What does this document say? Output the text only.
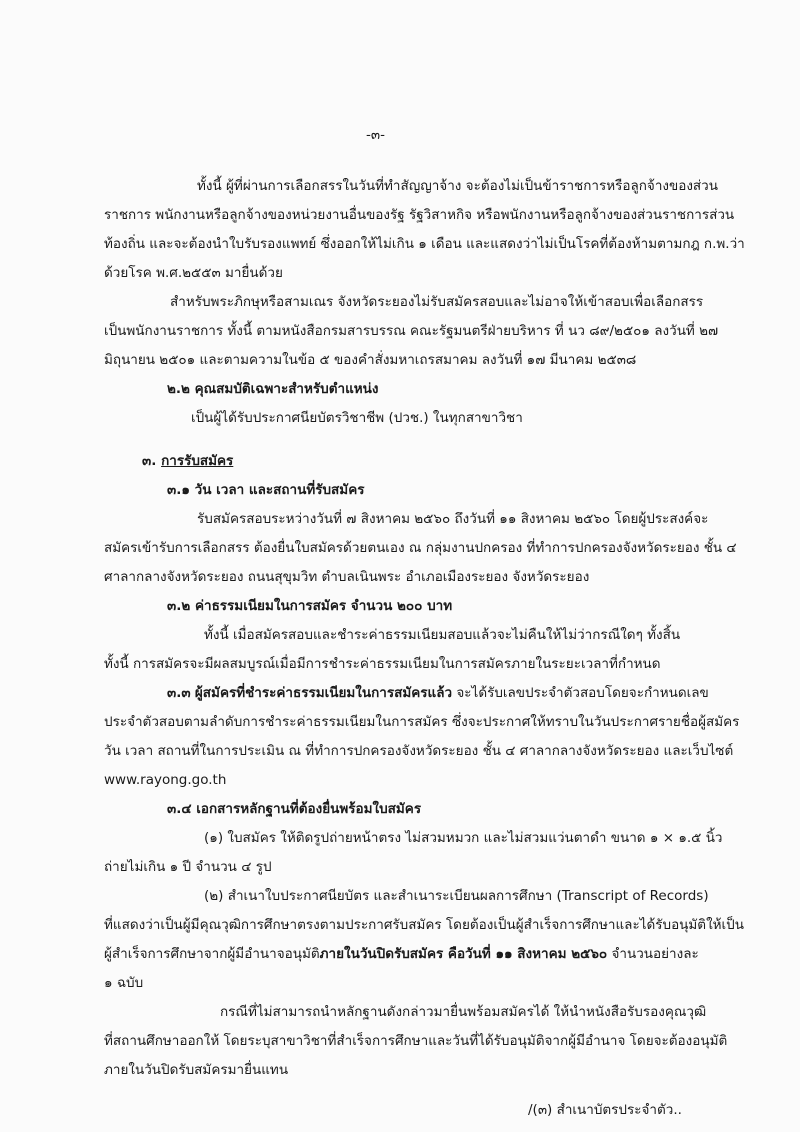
-๓-
ทั้งนี้ ผู้ที่ผ่านการเลือกสรรในวันที่ทำสัญญาจ้าง จะต้องไม่เป็นข้าราชการหรือลูกจ้างของส่วน
ราชการ พนักงานหรือลูกจ้างของหน่วยงานอื่นของรัฐ รัฐวิสาหกิจ หรือพนักงานหรือลูกจ้างของส่วนราชการส่วน
ท้องถิ่น และจะต้องนำใบรับรองแพทย์ ซึ่งออกให้ไม่เกิน ๑ เดือน และแสดงว่าไม่เป็นโรคที่ต้องห้ามตามกฎ ก.พ.ว่า
ด้วยโรค พ.ศ.๒๕๕๓ มายื่นด้วย
สำหรับพระภิกษุหรือสามเณร จังหวัดระยองไม่รับสมัครสอบและไม่อาจให้เข้าสอบเพื่อเลือกสรร
เป็นพนักงานราชการ ทั้งนี้ ตามหนังสือกรมสารบรรณ คณะรัฐมนตรีฝ่ายบริหาร ที่ นว ๘๙/๒๕๐๑ ลงวันที่ ๒๗
มิถุนายน ๒๕๐๑ และตามความในข้อ ๕ ของคำสั่งมหาเถรสมาคม ลงวันที่ ๑๗ มีนาคม ๒๕๓๘
๒.๒ คุณสมบัติเฉพาะสำหรับตำแหน่ง
เป็นผู้ได้รับประกาศนียบัตรวิชาชีพ (ปวช.) ในทุกสาขาวิชา
๓. การรับสมัคร
๓.๑ วัน เวลา และสถานที่รับสมัคร
รับสมัครสอบระหว่างวันที่ ๗ สิงหาคม ๒๕๖๐ ถึงวันที่ ๑๑ สิงหาคม ๒๕๖๐ โดยผู้ประสงค์จะ
สมัครเข้ารับการเลือกสรร ต้องยื่นใบสมัครด้วยตนเอง ณ กลุ่มงานปกครอง ที่ทำการปกครองจังหวัดระยอง ชั้น ๔
ศาลากลางจังหวัดระยอง ถนนสุขุมวิท ตำบลเนินพระ อำเภอเมืองระยอง จังหวัดระยอง
๓.๒ ค่าธรรมเนียมในการสมัคร จำนวน ๒๐๐ บาท
ทั้งนี้ เมื่อสมัครสอบและชำระค่าธรรมเนียมสอบแล้วจะไม่คืนให้ไม่ว่ากรณีใดๆ ทั้งสิ้น
ทั้งนี้ การสมัครจะมีผลสมบูรณ์เมื่อมีการชำระค่าธรรมเนียมในการสมัครภายในระยะเวลาที่กำหนด
๓.๓ ผู้สมัครที่ชำระค่าธรรมเนียมในการสมัครแล้ว จะได้รับเลขประจำตัวสอบโดยจะกำหนดเลข
ประจำตัวสอบตามลำดับการชำระค่าธรรมเนียมในการสมัคร ซึ่งจะประกาศให้ทราบในวันประกาศรายชื่อผู้สมัคร
วัน เวลา สถานที่ในการประเมิน ณ ที่ทำการปกครองจังหวัดระยอง ชั้น ๔ ศาลากลางจังหวัดระยอง และเว็บไซต์
www.rayong.go.th
๓.๔ เอกสารหลักฐานที่ต้องยื่นพร้อมใบสมัคร
(๑) ใบสมัคร ให้ติดรูปถ่ายหน้าตรง ไม่สวมหมวก และไม่สวมแว่นตาดำ ขนาด ๑ × ๑.๕ นิ้ว
ถ่ายไม่เกิน ๑ ปี จำนวน ๔ รูป
(๒) สำเนาใบประกาศนียบัตร และสำเนาระเบียนผลการศึกษา (Transcript of Records)
ที่แสดงว่าเป็นผู้มีคุณวุฒิการศึกษาตรงตามประกาศรับสมัคร โดยต้องเป็นผู้สำเร็จการศึกษาและได้รับอนุมัติให้เป็น
ผู้สำเร็จการศึกษาจากผู้มีอำนาจอนุมัติภายในวันปิดรับสมัคร คือวันที่ ๑๑ สิงหาคม ๒๕๖๐ จำนวนอย่างละ
๑ ฉบับ
กรณีที่ไม่สามารถนำหลักฐานดังกล่าวมายื่นพร้อมสมัครได้ ให้นำหนังสือรับรองคุณวุฒิ
ที่สถานศึกษาออกให้ โดยระบุสาขาวิชาที่สำเร็จการศึกษาและวันที่ได้รับอนุมัติจากผู้มีอำนาจ โดยจะต้องอนุมัติ
ภายในวันปิดรับสมัครมายื่นแทน
/(๓) สำเนาบัตรประจำตัว..
